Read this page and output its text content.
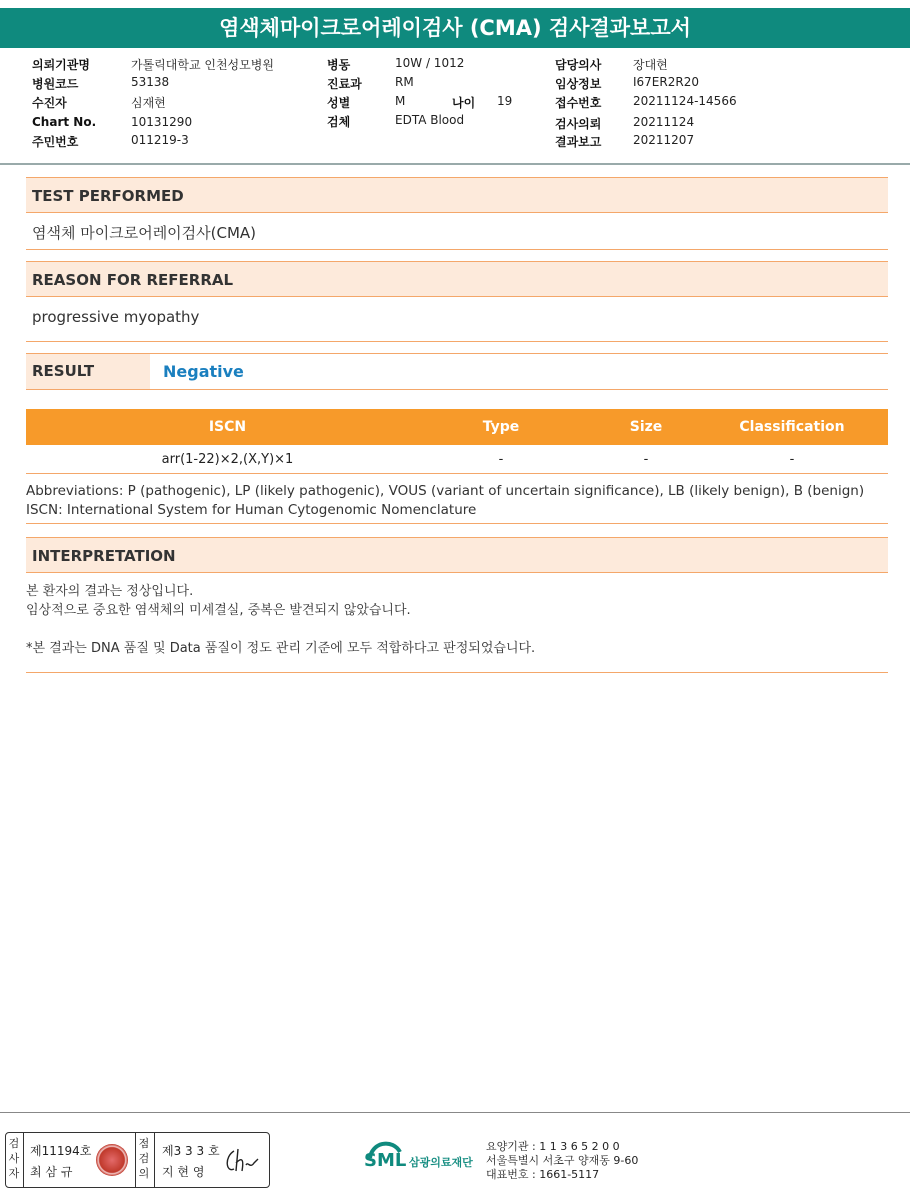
염색체마이크로어레이검사 (CMA) 검사결과보고서
의뢰기관명	가톨릭대학교 인천성모병원
병원코드	53138
수진자	심재현
Chart No.	10131290
주민번호	011219-3
병동	10W / 1012
진료과	RM
성별	M	나이 19
검체	EDTA Blood
담당의사	장대현
임상정보	I67ER2R20
접수번호	20211124-14566
검사의뢰	20211124
결과보고	20211207
TEST PERFORMED
염색체 마이크로어레이검사(CMA)
REASON FOR REFERRAL
progressive myopathy
RESULT	Negative
ISCN	Type	Size	Classification
arr(1-22)×2,(X,Y)×1	-	-	-
Abbreviations: P (pathogenic), LP (likely pathogenic), VOUS (variant of uncertain significance), LB (likely benign), B (benign)
ISCN: International System for Human Cytogenomic Nomenclature
INTERPRETATION
본 환자의 결과는 정상입니다.
임상적으로 중요한 염색체의 미세결실, 중복은 발견되지 않았습니다.
*본 결과는 DNA 품질 및 Data 품질이 정도 관리 기준에 모두 적합하다고 판정되었습니다.
검사자
제11194호
최 삼 규
점검의
제3 3 3 호
지 현 영
SML 삼광의료재단
요양기관 : 1 1 3 6 5 2 0 0
서울특별시 서초구 양재동 9-60
대표번호 : 1661-5117
